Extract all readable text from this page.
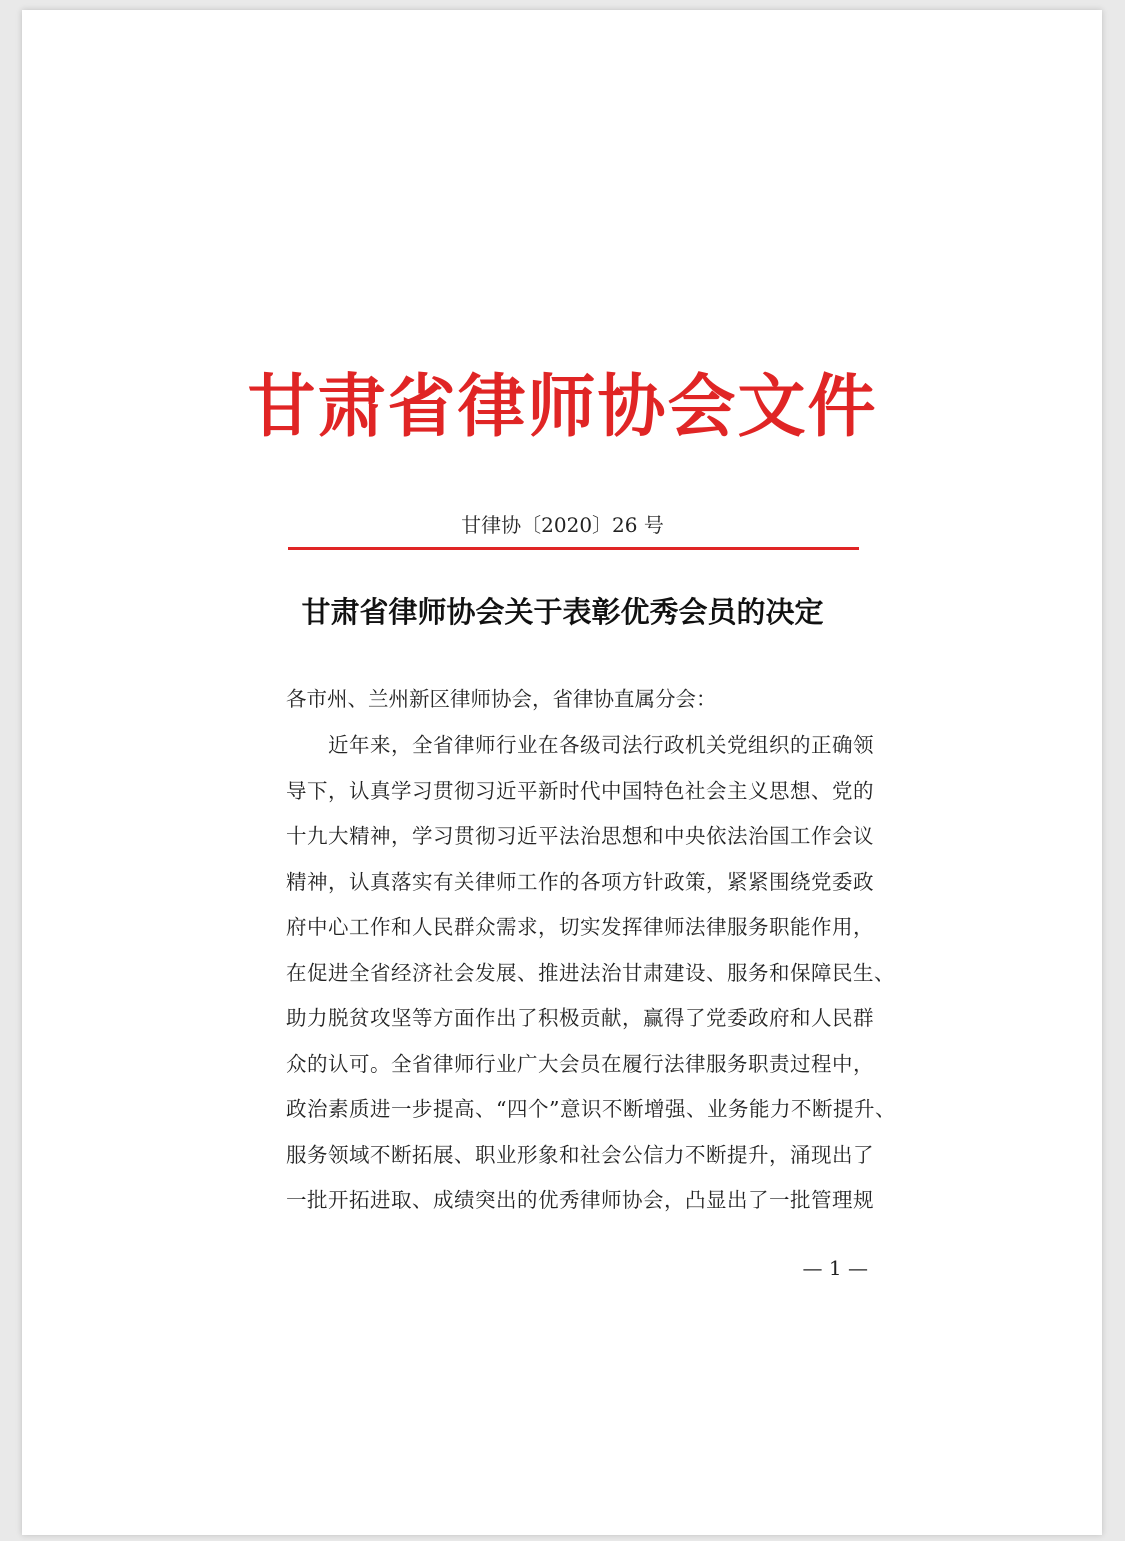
甘肃省律师协会文件
甘律协〔2020〕26 号
甘肃省律师协会关于表彰优秀会员的决定
各市州、兰州新区律师协会，省律协直属分会：
　　近年来，全省律师行业在各级司法行政机关党组织的正确领
导下，认真学习贯彻习近平新时代中国特色社会主义思想、党的
十九大精神，学习贯彻习近平法治思想和中央依法治国工作会议
精神，认真落实有关律师工作的各项方针政策，紧紧围绕党委政
府中心工作和人民群众需求，切实发挥律师法律服务职能作用，
在促进全省经济社会发展、推进法治甘肃建设、服务和保障民生、
助力脱贫攻坚等方面作出了积极贡献，赢得了党委政府和人民群
众的认可。全省律师行业广大会员在履行法律服务职责过程中，
政治素质进一步提高、“四个”意识不断增强、业务能力不断提升、
服务领域不断拓展、职业形象和社会公信力不断提升，涌现出了
一批开拓进取、成绩突出的优秀律师协会，凸显出了一批管理规
— 1 —
